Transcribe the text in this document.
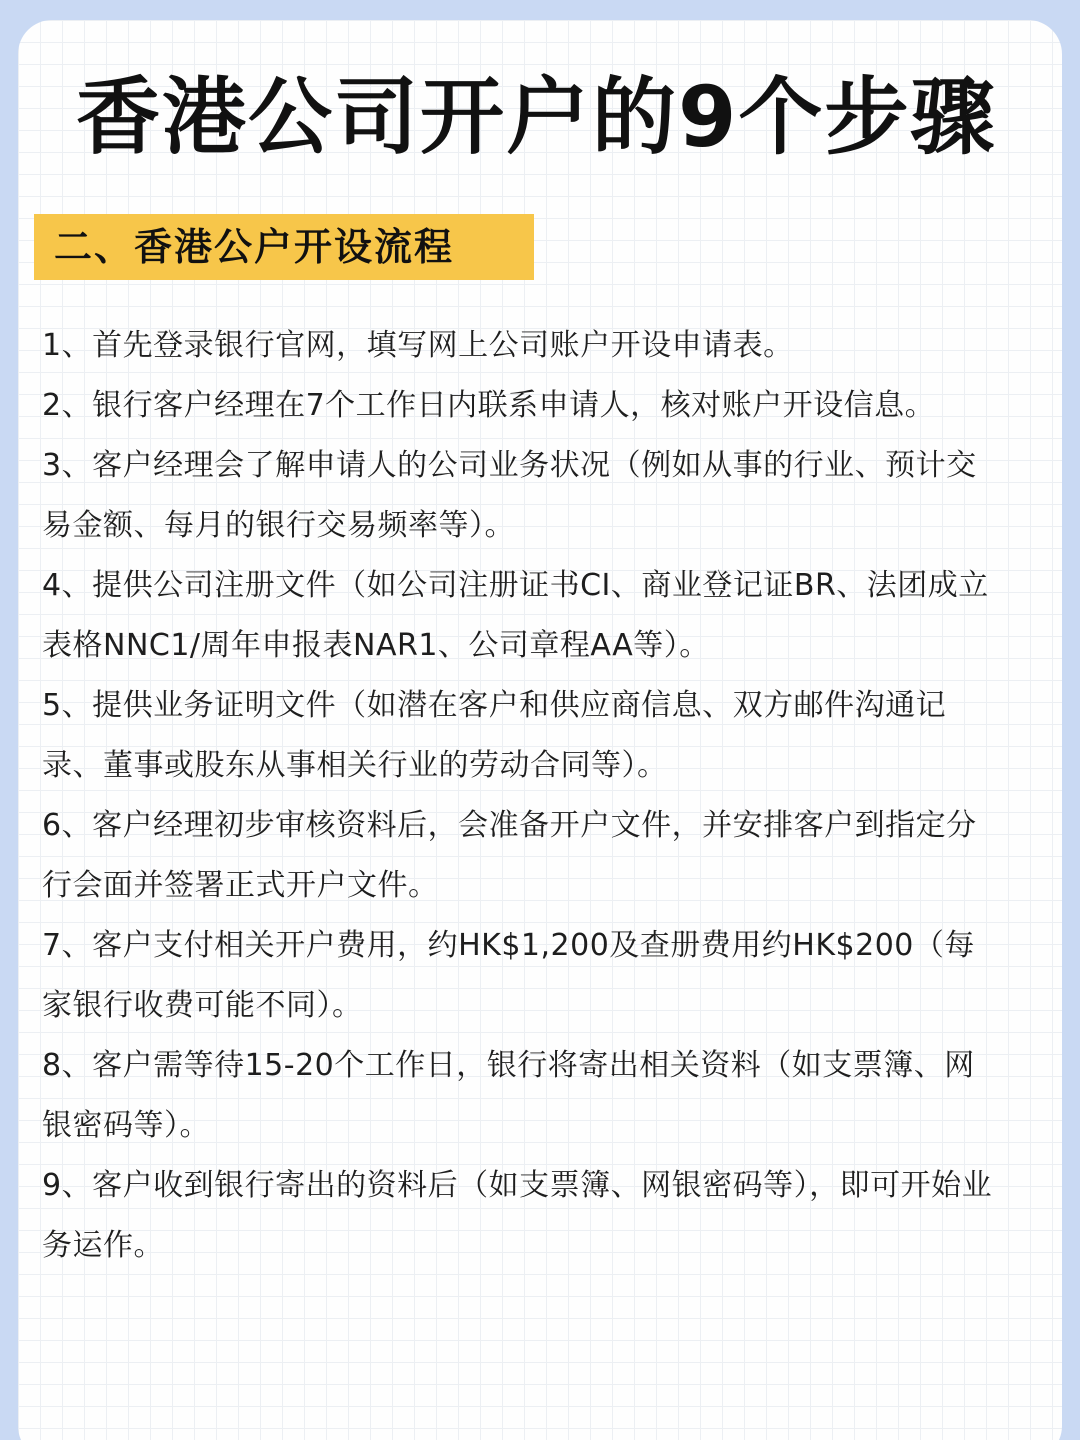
香港公司开户的9个步骤
二、香港公户开设流程
1、首先登录银行官网，填写网上公司账户开设申请表。
2、银行客户经理在7个工作日内联系申请人，核对账户开设信息。
3、客户经理会了解申请人的公司业务状况（例如从事的行业、预计交易金额、每月的银行交易频率等）。
4、提供公司注册文件（如公司注册证书CI、商业登记证BR、法团成立表格NNC1/周年申报表NAR1、公司章程AA等）。
5、提供业务证明文件（如潜在客户和供应商信息、双方邮件沟通记录、董事或股东从事相关行业的劳动合同等）。
6、客户经理初步审核资料后，会准备开户文件，并安排客户到指定分行会面并签署正式开户文件。
7、客户支付相关开户费用，约HK$1,200及查册费用约HK$200（每家银行收费可能不同）。
8、客户需等待15-20个工作日，银行将寄出相关资料（如支票簿、网银密码等）。
9、客户收到银行寄出的资料后（如支票簿、网银密码等），即可开始业务运作。
